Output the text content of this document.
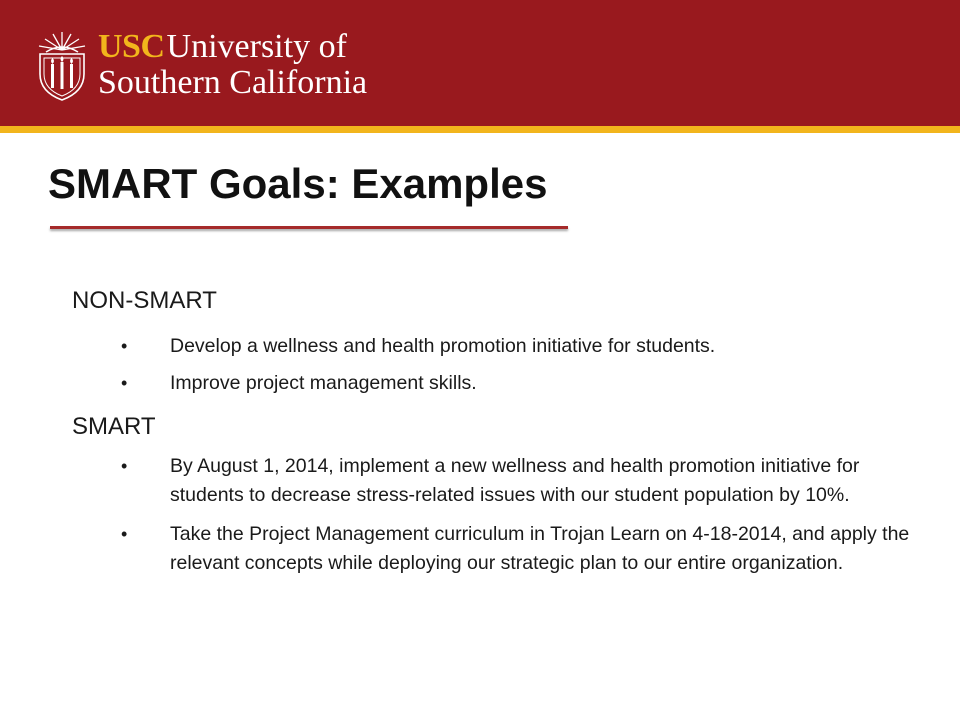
USC University of
Southern California
SMART Goals: Examples

NON-SMART

• Develop a wellness and health promotion initiative for students.
• Improve project management skills.

SMART

• By August 1, 2014, implement a new wellness and health promotion initiative for students to decrease stress-related issues with our student population by 10%.
• Take the Project Management curriculum in Trojan Learn on 4-18-2014, and apply the relevant concepts while deploying our strategic plan to our entire organization.
